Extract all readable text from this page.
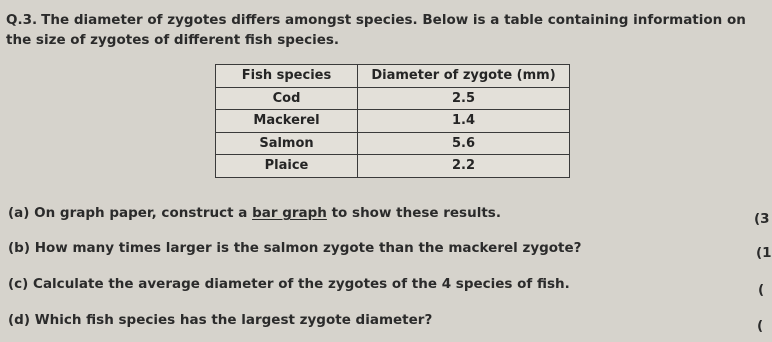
Q.3. The diameter of zygotes differs amongst species. Below is a table containing information on the size of zygotes of different fish species.

Fish species	Diameter of zygote (mm)
Cod	2.5
Mackerel	1.4
Salmon	5.6
Plaice	2.2

(a) On graph paper, construct a bar graph to show these results.	(3

(b) How many times larger is the salmon zygote than the mackerel zygote?	(1

(c) Calculate the average diameter of the zygotes of the 4 species of fish.	(

(d) Which fish species has the largest zygote diameter?	(
